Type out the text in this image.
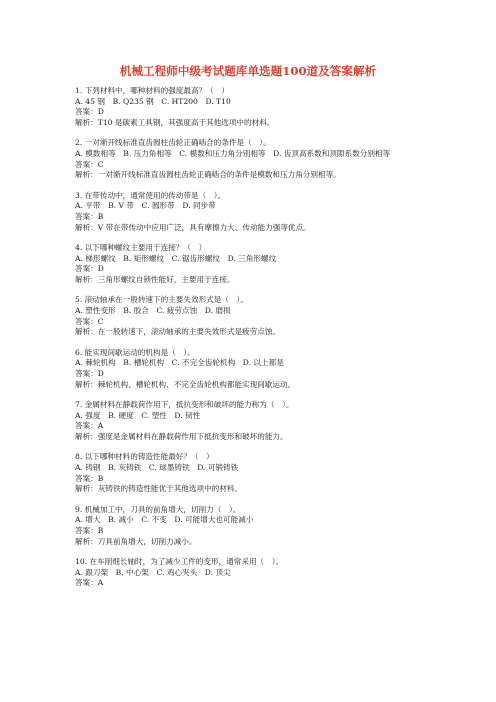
机械工程师中级考试题库单选题100道及答案解析
1. 下列材料中，哪种材料的强度最高？（　）
A. 45 钢　B. Q235 钢　C. HT200　D. T10
答案：D
解析：T10 是碳素工具钢，其强度高于其他选项中的材料。
2. 一对渐开线标准直齿圆柱齿轮正确啮合的条件是（　）。
A. 模数相等　B. 压力角相等　C. 模数和压力角分别相等　D. 齿顶高系数和顶隙系数分别相等
答案：C
解析：一对渐开线标准直齿圆柱齿轮正确啮合的条件是模数和压力角分别相等。
3. 在带传动中，通常使用的传动带是（　）。
A. 平带　B. V 带　C. 圆形带　D. 同步带
答案：B
解析：V 带在带传动中应用广泛，具有摩擦力大、传动能力强等优点。
4. 以下哪种螺纹主要用于连接？（　）
A. 梯形螺纹　B. 矩形螺纹　C. 锯齿形螺纹　D. 三角形螺纹
答案：D
解析：三角形螺纹自锁性能好，主要用于连接。
5. 滚动轴承在一般转速下的主要失效形式是（　）。
A. 塑性变形　B. 胶合　C. 疲劳点蚀　D. 磨损
答案：C
解析：在一般转速下，滚动轴承的主要失效形式是疲劳点蚀。
6. 能实现间歇运动的机构是（　）。
A. 棘轮机构　B. 槽轮机构　C. 不完全齿轮机构　D. 以上都是
答案：D
解析：棘轮机构、槽轮机构、不完全齿轮机构都能实现间歇运动。
7. 金属材料在静载荷作用下，抵抗变形和破坏的能力称为（　）。
A. 强度　B. 硬度　C. 塑性　D. 韧性
答案：A
解析：强度是金属材料在静载荷作用下抵抗变形和破坏的能力。
8. 以下哪种材料的铸造性能最好？（　）
A. 铸钢　B. 灰铸铁　C. 球墨铸铁　D. 可锻铸铁
答案：B
解析：灰铸铁的铸造性能优于其他选项中的材料。
9. 机械加工中，刀具的前角增大，切削力（　）。
A. 增大　B. 减小　C. 不变　D. 可能增大也可能减小
答案：B
解析：刀具前角增大，切削力减小。
10. 在车削细长轴时，为了减少工件的变形，通常采用（　）。
A. 跟刀架　B. 中心架　C. 鸡心夹头　D. 顶尖
答案：A
